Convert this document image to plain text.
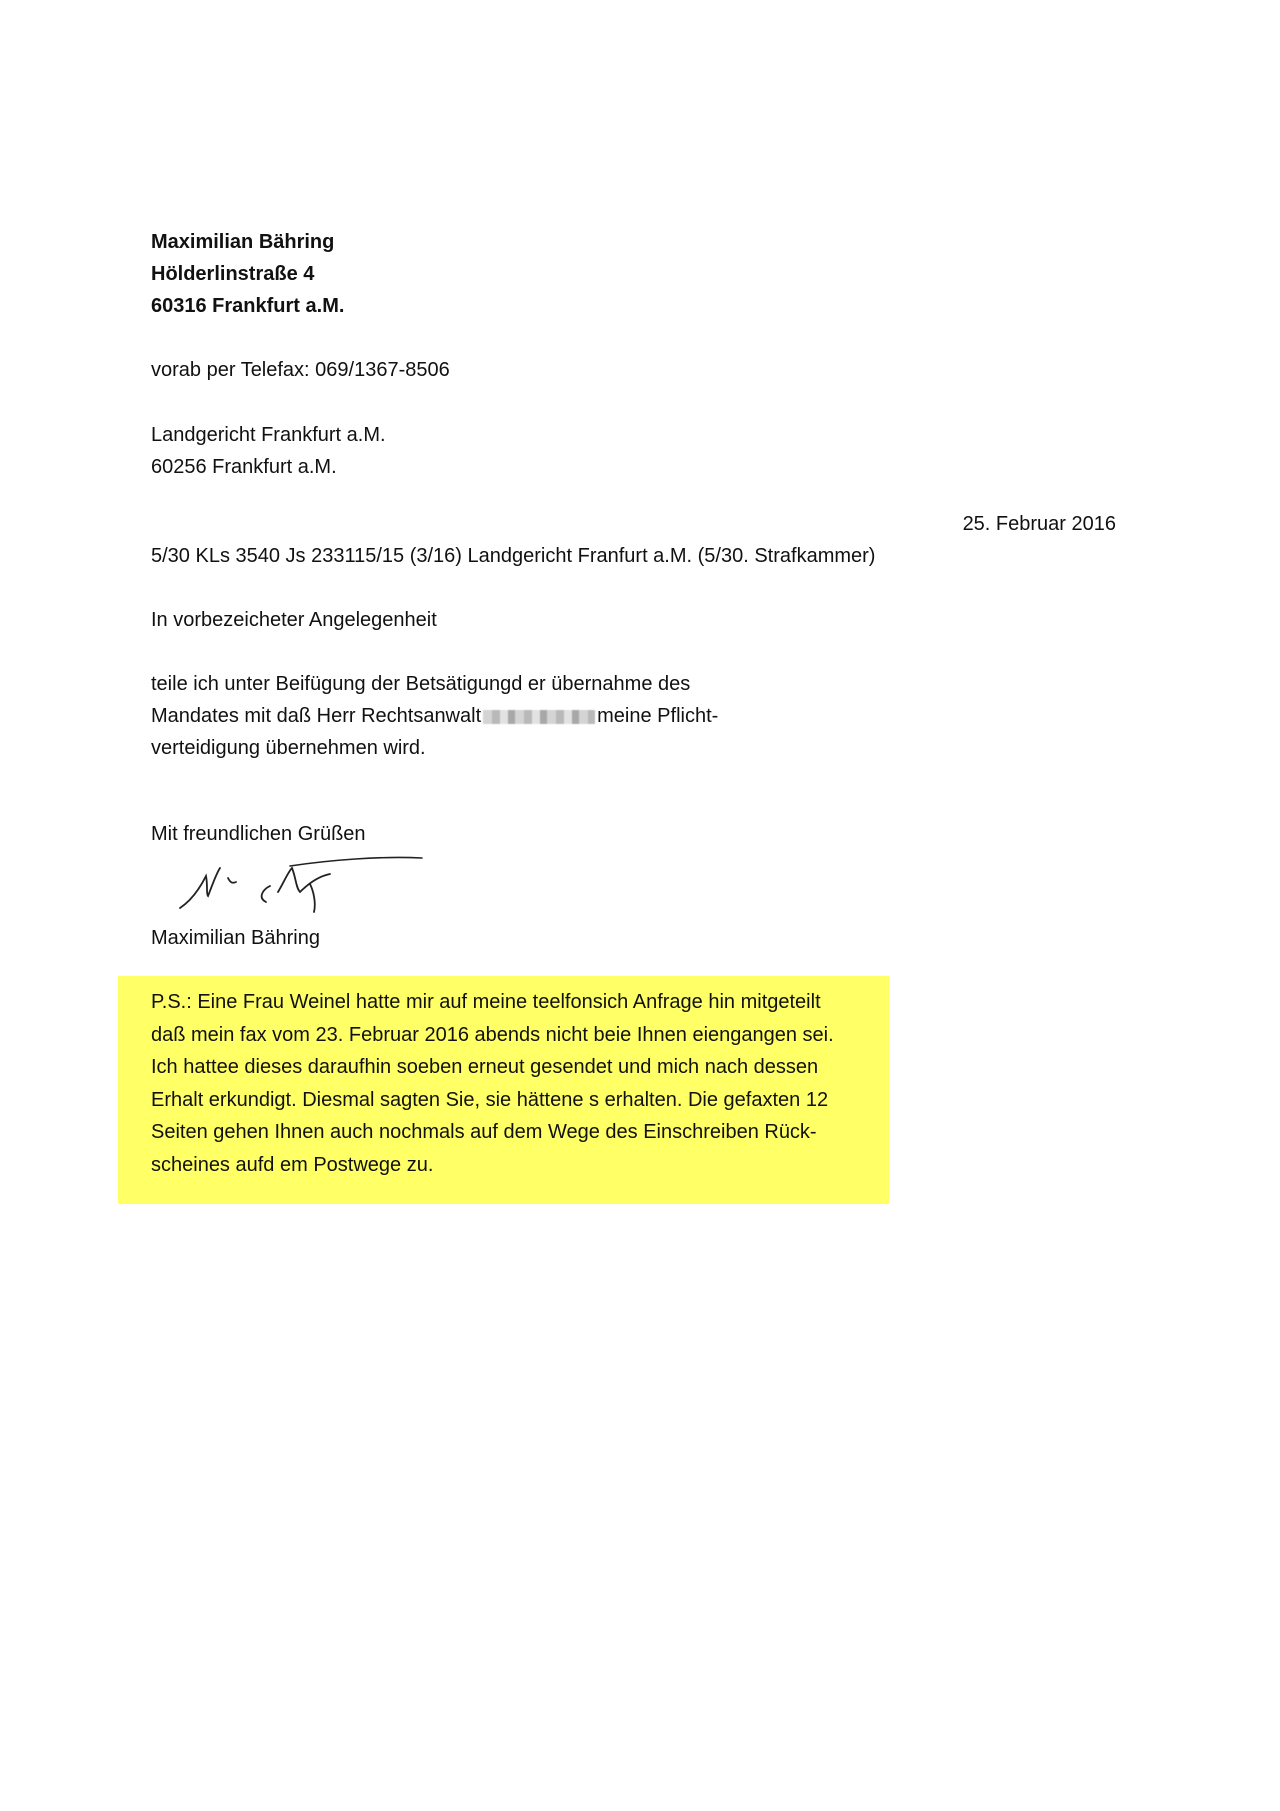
Maximilian Bähring
Hölderlinstraße 4
60316 Frankfurt a.M.
vorab per Telefax: 069/1367-8506
Landgericht Frankfurt a.M.
60256 Frankfurt a.M.
25. Februar 2016
5/30 KLs 3540 Js 233115/15 (3/16) Landgericht Franfurt a.M. (5/30. Strafkammer)
In vorbezeicheter Angelegenheit
teile ich unter Beifügung der Betsätigungd er übernahme des
Mandates mit daß Herr Rechtsanwalt	meine Pflicht-
verteidigung übernehmen wird.
Mit freundlichen Grüßen
Maximilian Bähring
P.S.: Eine Frau Weinel hatte mir auf meine teelfonsich Anfrage hin mitgeteilt
daß mein fax vom 23. Februar 2016 abends nicht beie Ihnen eiengangen sei.
Ich hattee dieses daraufhin soeben erneut gesendet und mich nach dessen
Erhalt erkundigt. Diesmal sagten Sie, sie hättene s erhalten. Die gefaxten 12
Seiten gehen Ihnen auch nochmals auf dem Wege des Einschreiben Rück-
scheines aufd em Postwege zu.
